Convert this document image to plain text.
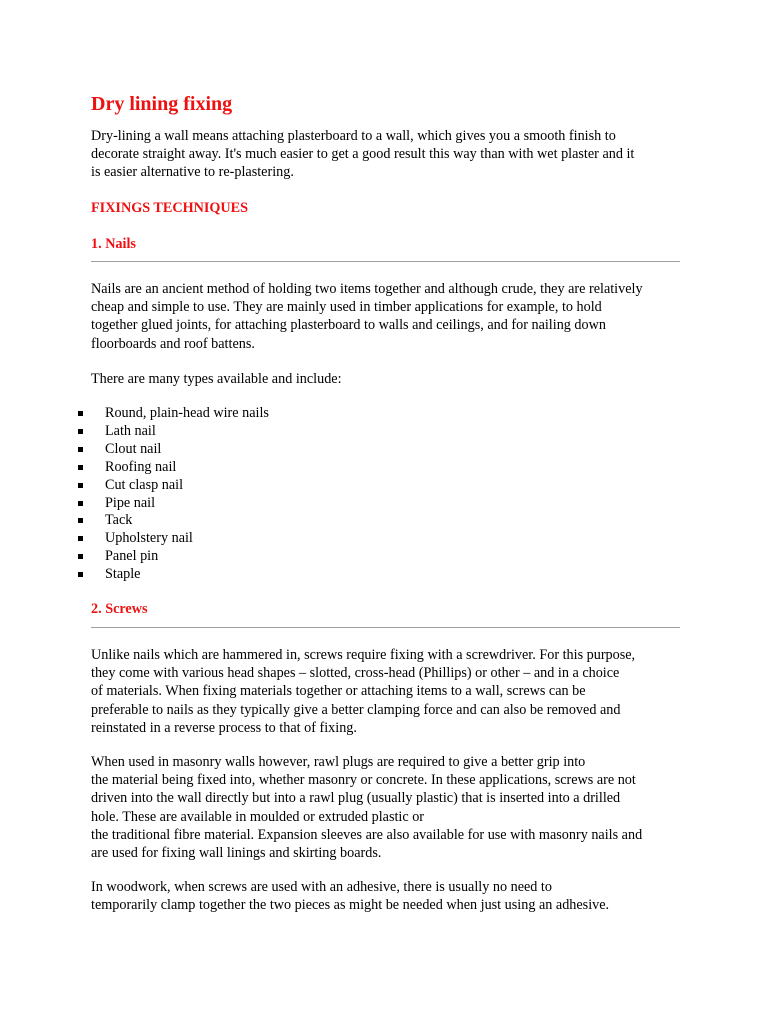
Dry lining fixing

Dry-lining a wall means attaching plasterboard to a wall, which gives you a smooth finish to
decorate straight away. It's much easier to get a good result this way than with wet plaster and it
is easier alternative to re-plastering.

FIXINGS TECHNIQUES
1. Nails

Nails are an ancient method of holding two items together and although crude, they are relatively
cheap and simple to use. They are mainly used in timber applications for example, to hold
together glued joints, for attaching plasterboard to walls and ceilings, and for nailing down
floorboards and roof battens.

There are many types available and include:

Round, plain-head wire nails
Lath nail
Clout nail
Roofing nail
Cut clasp nail
Pipe nail
Tack
Upholstery nail
Panel pin
Staple
2. Screws

Unlike nails which are hammered in, screws require fixing with a screwdriver. For this purpose,
they come with various head shapes – slotted, cross-head (Phillips) or other – and in a choice
of materials. When fixing materials together or attaching items to a wall, screws can be
preferable to nails as they typically give a better clamping force and can also be removed and
reinstated in a reverse process to that of fixing.

When used in masonry walls however, rawl plugs are required to give a better grip into
the material being fixed into, whether masonry or concrete. In these applications, screws are not
driven into the wall directly but into a rawl plug (usually plastic) that is inserted into a drilled
hole. These are available in moulded or extruded plastic or
the traditional fibre material. Expansion sleeves are also available for use with masonry nails and
are used for fixing wall linings and skirting boards.

In woodwork, when screws are used with an adhesive, there is usually no need to
temporarily clamp together the two pieces as might be needed when just using an adhesive.
